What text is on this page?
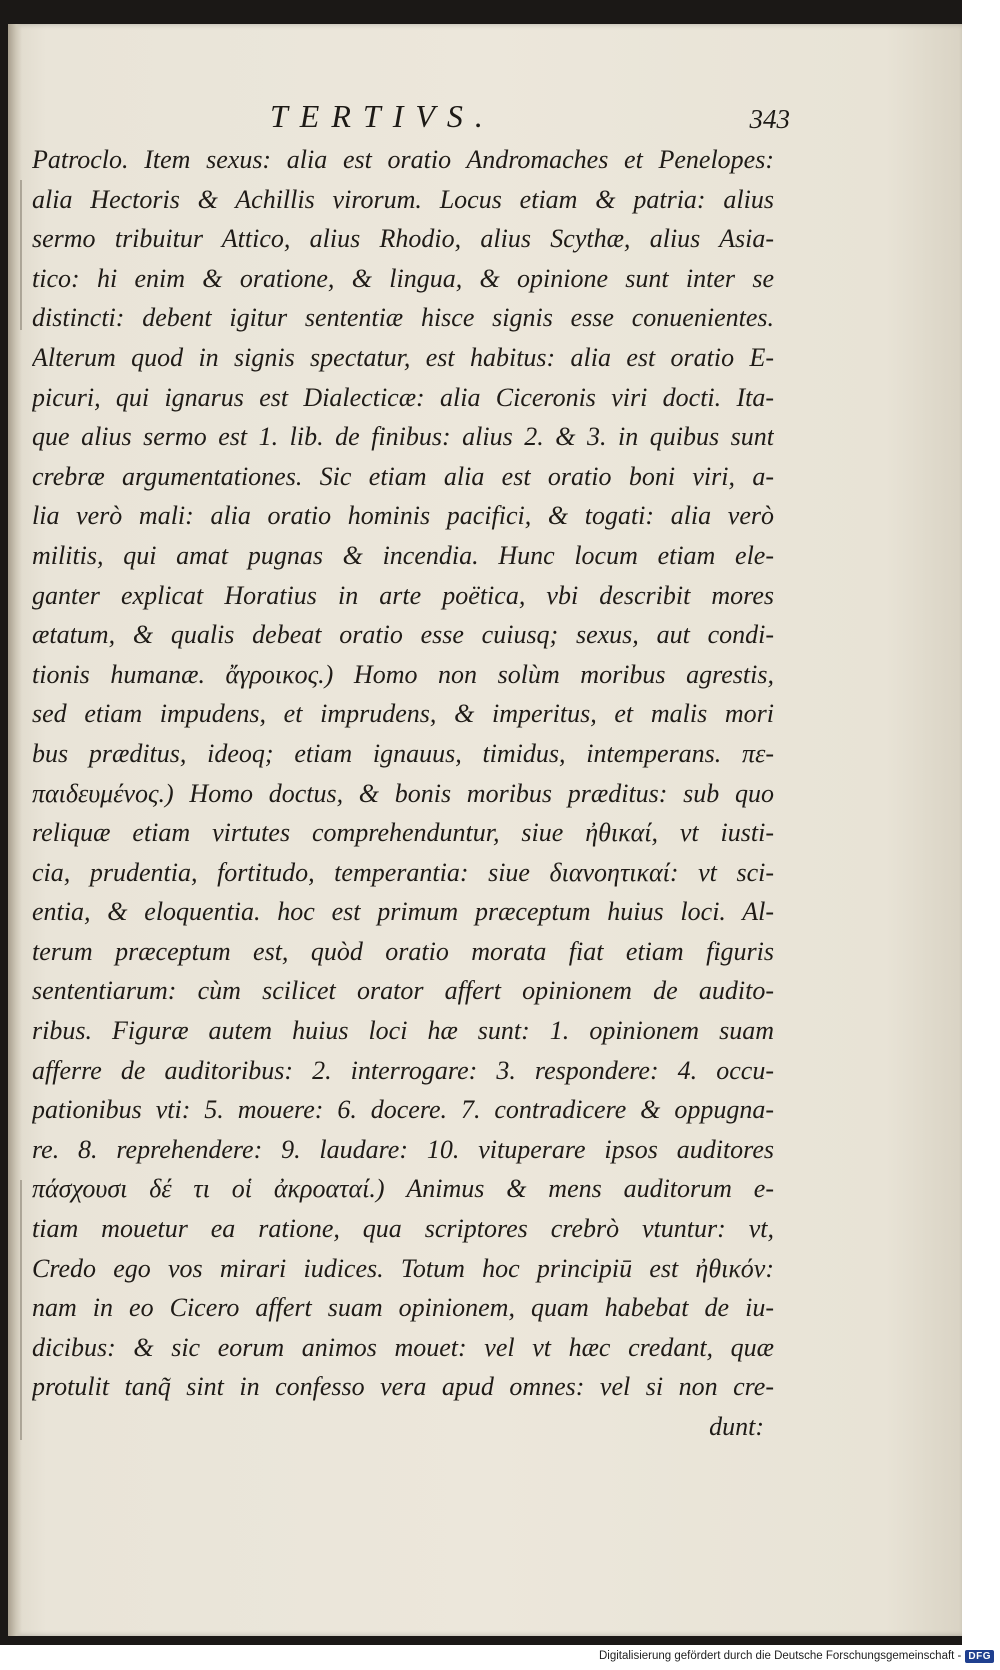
TERTIVS.	343
Patroclo. Item sexus: alia est oratio Andromaches et Penelopes:
alia Hectoris & Achillis virorum. Locus etiam & patria: alius
sermo tribuitur Attico, alius Rhodio, alius Scythæ, alius Asia-
tico: hi enim & oratione, & lingua, & opinione sunt inter se
distincti: debent igitur sententiæ hisce signis esse conuenientes.
Alterum quod in signis spectatur, est habitus: alia est oratio E-
picuri, qui ignarus est Dialecticæ: alia Ciceronis viri docti. Ita-
que alius sermo est 1. lib. de finibus: alius 2. & 3. in quibus sunt
crebræ argumentationes. Sic etiam alia est oratio boni viri, a-
lia verò mali: alia oratio hominis pacifici, & togati: alia verò
militis, qui amat pugnas & incendia. Hunc locum etiam ele-
ganter explicat Horatius in arte poëtica, vbi describit mores
ætatum, & qualis debeat oratio esse cuiusq; sexus, aut condi-
tionis humanæ. ἄγροικος.) Homo non solùm moribus agrestis,
sed etiam impudens, et imprudens, & imperitus, et malis mori
bus præditus, ideoq; etiam ignauus, timidus, intemperans. πε-
παιδευμένος.) Homo doctus, & bonis moribus præditus: sub quo
reliquæ etiam virtutes comprehenduntur, siue ἠθικαί, vt iusti-
cia, prudentia, fortitudo, temperantia: siue διανοητικαί: vt sci-
entia, & eloquentia. hoc est primum præceptum huius loci. Al-
terum præceptum est, quòd oratio morata fiat etiam figuris
sententiarum: cùm scilicet orator affert opinionem de audito-
ribus. Figuræ autem huius loci hæ sunt: 1. opinionem suam
afferre de auditoribus: 2. interrogare: 3. respondere: 4. occu-
pationibus vti: 5. mouere: 6. docere. 7. contradicere & oppugna-
re. 8. reprehendere: 9. laudare: 10. vituperare ipsos auditores
πάσχουσι δέ τι οἱ ἀκροαταί.) Animus & mens auditorum e-
tiam mouetur ea ratione, qua scriptores crebrò vtuntur: vt,
Credo ego vos mirari iudices. Totum hoc principiū est ἠθικόν:
nam in eo Cicero affert suam opinionem, quam habebat de iu-
dicibus: & sic eorum animos mouet: vel vt hæc credant, quæ
protulit tanq̃ sint in confesso vera apud omnes: vel si non cre-
dunt:
Digitalisierung gefördert durch die Deutsche Forschungsgemeinschaft - DFG
